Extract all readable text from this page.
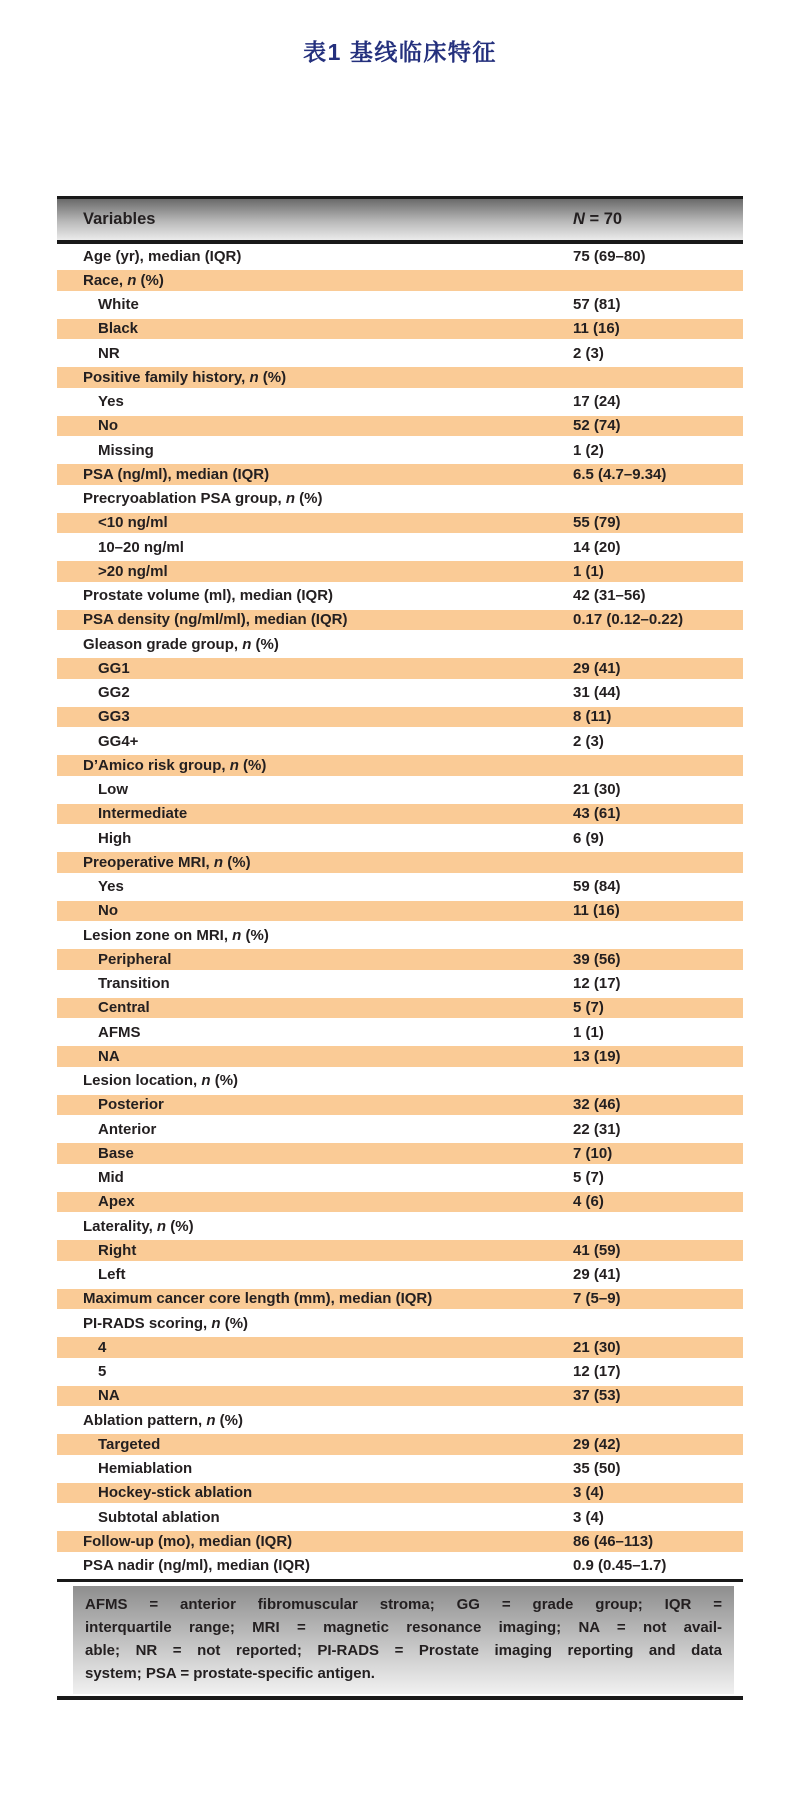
表1 基线临床特征
Variables	N = 70
Age (yr), median (IQR)	75 (69–80)
Race, n (%)
White	57 (81)
Black	11 (16)
NR	2 (3)
Positive family history, n (%)
Yes	17 (24)
No	52 (74)
Missing	1 (2)
PSA (ng/ml), median (IQR)	6.5 (4.7–9.34)
Precryoablation PSA group, n (%)
<10 ng/ml	55 (79)
10–20 ng/ml	14 (20)
>20 ng/ml	1 (1)
Prostate volume (ml), median (IQR)	42 (31–56)
PSA density (ng/ml/ml), median (IQR)	0.17 (0.12–0.22)
Gleason grade group, n (%)
GG1	29 (41)
GG2	31 (44)
GG3	8 (11)
GG4+	2 (3)
D’Amico risk group, n (%)
Low	21 (30)
Intermediate	43 (61)
High	6 (9)
Preoperative MRI, n (%)
Yes	59 (84)
No	11 (16)
Lesion zone on MRI, n (%)
Peripheral	39 (56)
Transition	12 (17)
Central	5 (7)
AFMS	1 (1)
NA	13 (19)
Lesion location, n (%)
Posterior	32 (46)
Anterior	22 (31)
Base	7 (10)
Mid	5 (7)
Apex	4 (6)
Laterality, n (%)
Right	41 (59)
Left	29 (41)
Maximum cancer core length (mm), median (IQR)	7 (5–9)
PI-RADS scoring, n (%)
4	21 (30)
5	12 (17)
NA	37 (53)
Ablation pattern, n (%)
Targeted	29 (42)
Hemiablation	35 (50)
Hockey-stick ablation	3 (4)
Subtotal ablation	3 (4)
Follow-up (mo), median (IQR)	86 (46–113)
PSA nadir (ng/ml), median (IQR)	0.9 (0.45–1.7)
AFMS = anterior fibromuscular stroma; GG = grade group; IQR =
interquartile range; MRI = magnetic resonance imaging; NA = not avail-
able; NR = not reported; PI-RADS = Prostate imaging reporting and data
system; PSA = prostate-specific antigen.
